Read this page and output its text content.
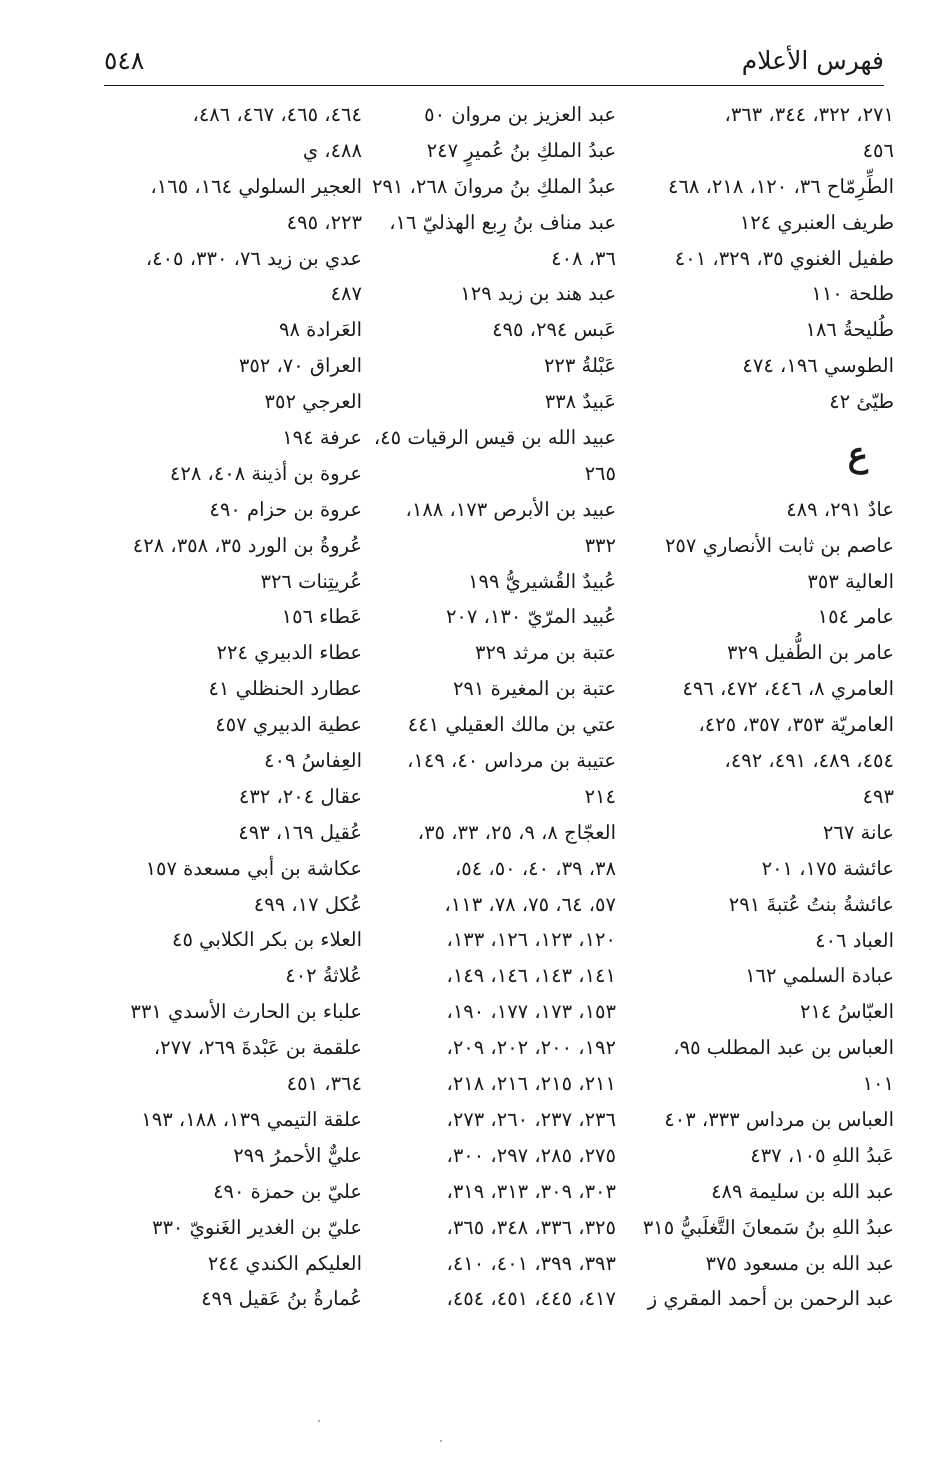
فهرس الأعلام
٥٤٨
٢٧١، ٣٢٢، ٣٤٤، ٣٦٣،
٤٥٦
الطِّرِمّاح ٣٦، ١٢٠، ٢١٨، ٤٦٨
طريف العنبري ١٢٤
طفيل الغنوي ٣٥، ٣٢٩، ٤٠١
طلحة ١١٠
طُليحةُ ١٨٦
الطوسي ١٩٦، ٤٧٤
طيّئ ٤٢
ع
عادٌ ٢٩١، ٤٨٩
عاصم بن ثابت الأنصاري ٢٥٧
العالية ٣٥٣
عامر ١٥٤
عامر بن الطُّفيل ٣٢٩
العامري ٨، ٤٤٦، ٤٧٢، ٤٩٦
العامريّة ٣٥٣، ٣٥٧، ٤٢٥،
٤٥٤، ٤٨٩، ٤٩١، ٤٩٢،
٤٩٣
عانة ٢٦٧
عائشة ١٧٥، ٢٠١
عائشةُ بنتُ عُتبةَ ٢٩١
العباد ٤٠٦
عبادة السلمي ١٦٢
العبّاسُ ٢١٤
العباس بن عبد المطلب ٩٥،
١٠١
العباس بن مرداس ٣٣٣، ٤٠٣
عَبدُ اللهِ ١٠٥، ٤٣٧
عبد الله بن سليمة ٤٨٩
عبدُ اللهِ بنُ سَمعانَ التَّغلَبيُّ ٣١٥
عبد الله بن مسعود ٣٧٥
عبد الرحمن بن أحمد المقري ز
عبد العزيز بن مروان ٥٠
عبدُ الملكِ بنُ عُميرٍ ٢٤٧
عبدُ الملكِ بنُ مروانَ ٢٦٨، ٢٩١
عبد مناف بنُ رِبع الهذليّ ١٦،
٣٦، ٤٠٨
عبد هند بن زيد ١٢٩
عَبس ٢٩٤، ٤٩٥
عَبْلةُ ٢٢٣
عَبيدٌ ٣٣٨
عبيد الله بن قيس الرقيات ٤٥،
٢٦٥
عبيد بن الأبرص ١٧٣، ١٨٨،
٣٣٢
عُبيدٌ القُشيريُّ ١٩٩
عُبيد المرّيّ ١٣٠، ٢٠٧
عتبة بن مرثد ٣٢٩
عتبة بن المغيرة ٢٩١
عتي بن مالك العقيلي ٤٤١
عتيبة بن مرداس ٤٠، ١٤٩،
٢١٤
العجّاج ٨، ٩، ٢٥، ٣٣، ٣٥،
٣٨، ٣٩، ٤٠، ٥٠، ٥٤،
٥٧، ٦٤، ٧٥، ٧٨، ١١٣،
١٢٠، ١٢٣، ١٢٦، ١٣٣،
١٤١، ١٤٣، ١٤٦، ١٤٩،
١٥٣، ١٧٣، ١٧٧، ١٩٠،
١٩٢، ٢٠٠، ٢٠٢، ٢٠٩،
٢١١، ٢١٥، ٢١٦، ٢١٨،
٢٣٦، ٢٣٧، ٢٦٠، ٢٧٣،
٢٧٥، ٢٨٥، ٢٩٧، ٣٠٠،
٣٠٣، ٣٠٩، ٣١٣، ٣١٩،
٣٢٥، ٣٣٦، ٣٤٨، ٣٦٥،
٣٩٣، ٣٩٩، ٤٠١، ٤١٠،
٤١٧، ٤٤٥، ٤٥١، ٤٥٤،
٤٦٤، ٤٦٥، ٤٦٧، ٤٨٦،
٤٨٨، ي
العجير السلولي ١٦٤، ١٦٥،
٢٢٣، ٤٩٥
عدي بن زيد ٧٦، ٣٣٠، ٤٠٥،
٤٨٧
العَرادة ٩٨
العراق ٧٠، ٣٥٢
العرجي ٣٥٢
عرفة ١٩٤
عروة بن أذينة ٤٠٨، ٤٢٨
عروة بن حزام ٤٩٠
عُروةُ بن الورد ٣٥، ٣٥٨، ٤٢٨
عُريتِنات ٣٢٦
عَطاء ١٥٦
عطاء الدبيري ٢٢٤
عطارد الحنظلي ٤١
عطية الدبيري ٤٥٧
العِفاسُ ٤٠٩
عقال ٢٠٤، ٤٣٢
عُقيل ١٦٩، ٤٩٣
عكاشة بن أبي مسعدة ١٥٧
عُكل ١٧، ٤٩٩
العلاء بن بكر الكلابي ٤٥
عُلاثةُ ٤٠٢
علباء بن الحارث الأسدي ٣٣١
علقمة بن عَبْدةَ ٢٦٩، ٢٧٧،
٣٦٤، ٤٥١
علقة التيمي ١٣٩، ١٨٨، ١٩٣
عليٌّ الأحمرُ ٢٩٩
عليّ بن حمزة ٤٩٠
عليّ بن الغدير الغَنويّ ٣٣٠
العليكم الكندي ٢٤٤
عُمارةُ بنُ عَقيل ٤٩٩
